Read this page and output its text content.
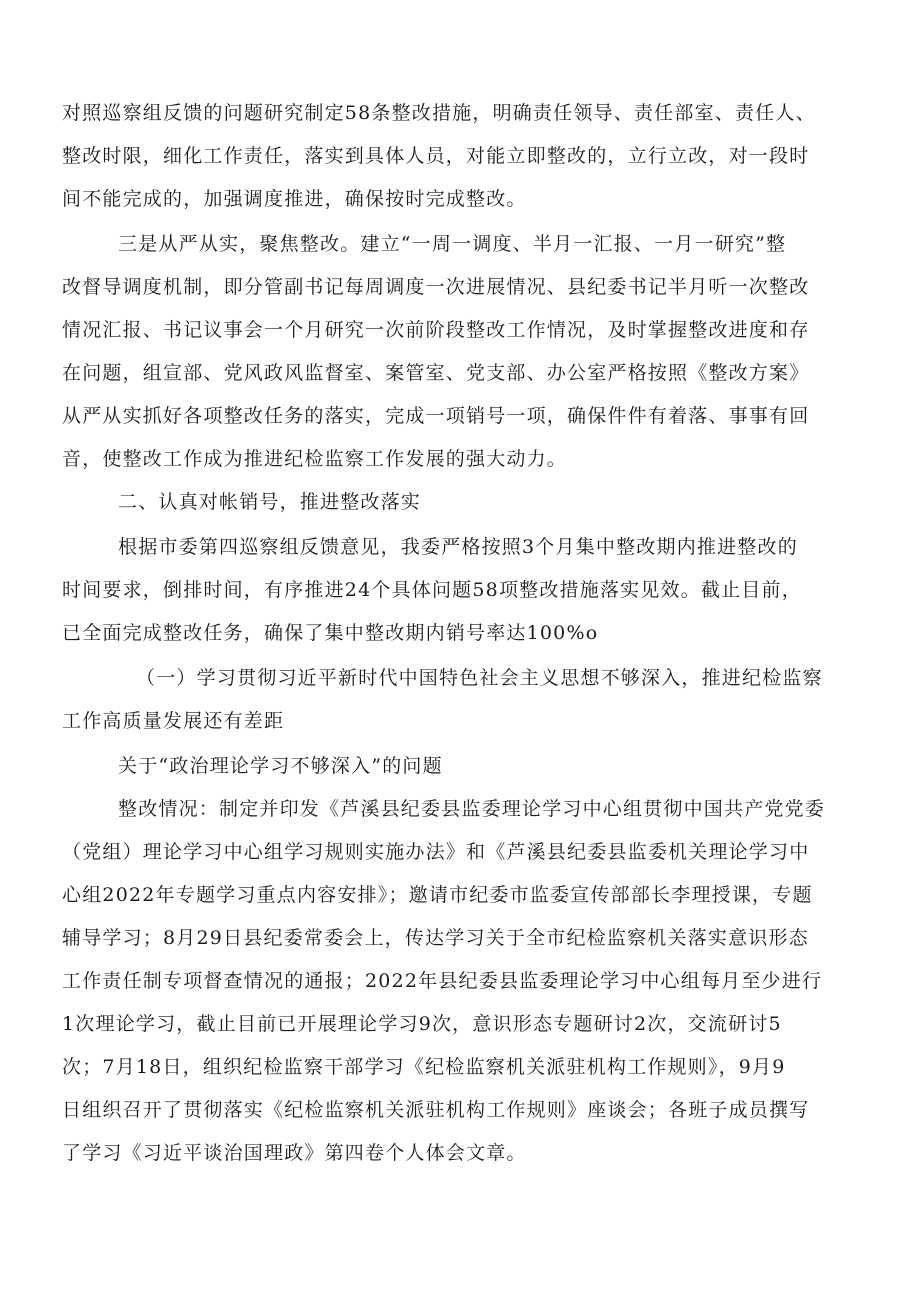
对照巡察组反馈的问题研究制定58条整改措施，明确责任领导、责任部室、责任人、
整改时限，细化工作责任，落实到具体人员，对能立即整改的，立行立改，对一段时
间不能完成的，加强调度推进，确保按时完成整改。
三是从严从实，聚焦整改。建立“一周一调度、半月一汇报、一月一研究”整
改督导调度机制，即分管副书记每周调度一次进展情况、县纪委书记半月听一次整改
情况汇报、书记议事会一个月研究一次前阶段整改工作情况，及时掌握整改进度和存
在问题，组宣部、党风政风监督室、案管室、党支部、办公室严格按照《整改方案》
从严从实抓好各项整改任务的落实，完成一项销号一项，确保件件有着落、事事有回
音，使整改工作成为推进纪检监察工作发展的强大动力。
二、认真对帐销号，推进整改落实
根据市委第四巡察组反馈意见，我委严格按照3个月集中整改期内推进整改的
时间要求，倒排时间，有序推进24个具体问题58项整改措施落实见效。截止目前，
已全面完成整改任务，确保了集中整改期内销号率达100%o
（一）学习贯彻习近平新时代中国特色社会主义思想不够深入，推进纪检监察
工作高质量发展还有差距
关于“政治理论学习不够深入”的问题
整改情况：制定并印发《芦溪县纪委县监委理论学习中心组贯彻中国共产党党委
（党组）理论学习中心组学习规则实施办法》和《芦溪县纪委县监委机关理论学习中
心组2022年专题学习重点内容安排》；邀请市纪委市监委宣传部部长李理授课，专题
辅导学习；8月29日县纪委常委会上，传达学习关于全市纪检监察机关落实意识形态
工作责任制专项督查情况的通报；2022年县纪委县监委理论学习中心组每月至少进行
1次理论学习，截止目前已开展理论学习9次，意识形态专题研讨2次，交流研讨5
次；7月18日，组织纪检监察干部学习《纪检监察机关派驻机构工作规则》，9月9
日组织召开了贯彻落实《纪检监察机关派驻机构工作规则》座谈会；各班子成员撰写
了学习《习近平谈治国理政》第四卷个人体会文章。
